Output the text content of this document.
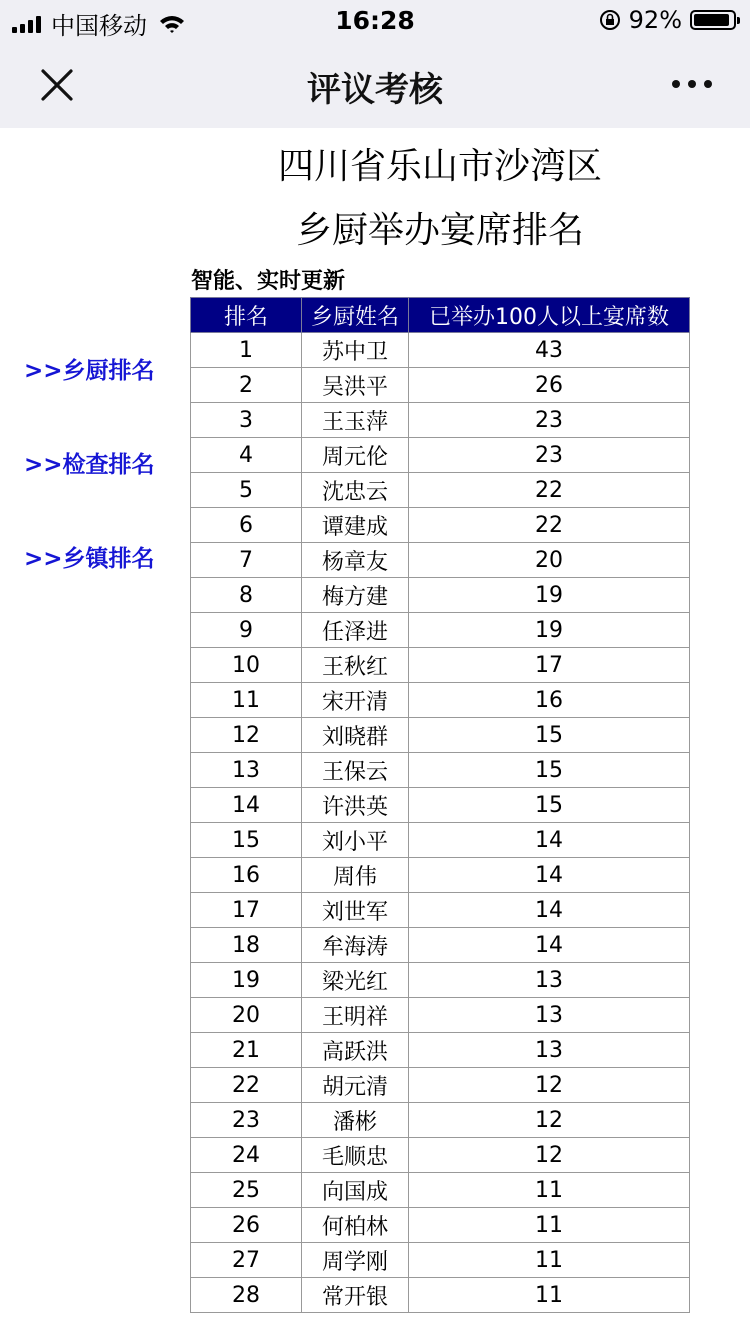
中国移动	16:28	92%
评议考核
四川省乐山市沙湾区
乡厨举办宴席排名
智能、实时更新
>>乡厨排名
>>检查排名
>>乡镇排名
排名	乡厨姓名	已举办100人以上宴席数
1	苏中卫	43
2	吴洪平	26
3	王玉萍	23
4	周元伦	23
5	沈忠云	22
6	谭建成	22
7	杨章友	20
8	梅方建	19
9	任泽进	19
10	王秋红	17
11	宋开清	16
12	刘晓群	15
13	王保云	15
14	许洪英	15
15	刘小平	14
16	周伟	14
17	刘世军	14
18	牟海涛	14
19	梁光红	13
20	王明祥	13
21	高跃洪	13
22	胡元清	12
23	潘彬	12
24	毛顺忠	12
25	向国成	11
26	何柏林	11
27	周学刚	11
28	常开银	11
